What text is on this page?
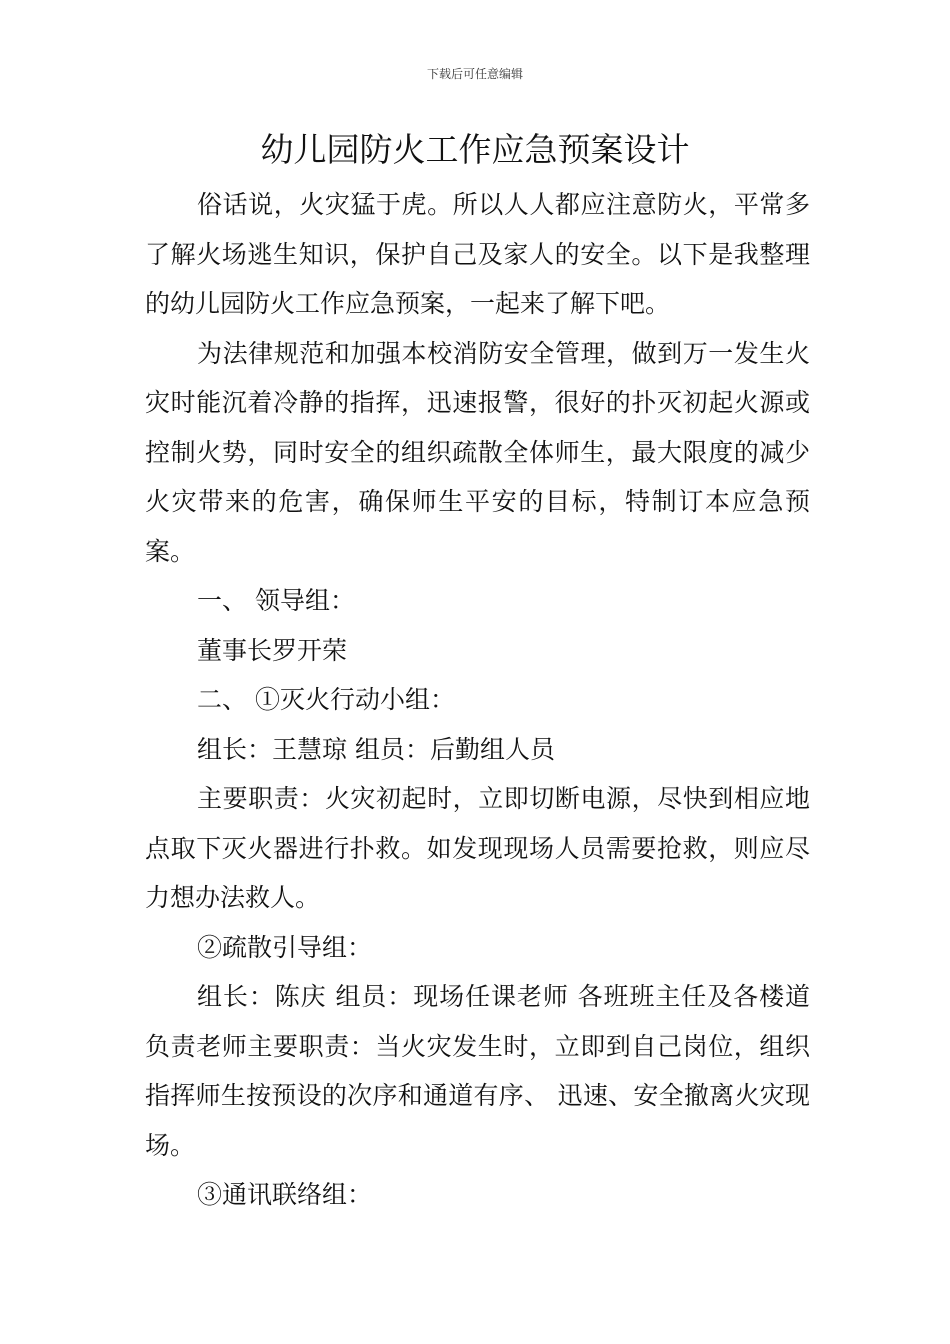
下载后可任意编辑
幼儿园防火工作应急预案设计

俗话说，火灾猛于虎。所以人人都应注意防火，平常多了解火场逃生知识，保护自己及家人的安全。以下是我整理的幼儿园防火工作应急预案，一起来了解下吧。

为法律规范和加强本校消防安全管理，做到万一发生火灾时能沉着冷静的指挥，迅速报警，很好的扑灭初起火源或控制火势，同时安全的组织疏散全体师生，最大限度的减少火灾带来的危害，确保师生平安的目标，特制订本应急预案。

一、 领导组：

董事长罗开荣

二、 ①灭火行动小组：

组长：王慧琼 组员：后勤组人员

主要职责：火灾初起时，立即切断电源，尽快到相应地点取下灭火器进行扑救。如发现现场人员需要抢救，则应尽力想办法救人。

②疏散引导组：

组长：陈庆 组员：现场任课老师 各班班主任及各楼道负责老师主要职责：当火灾发生时，立即到自己岗位，组织指挥师生按预设的次序和通道有序、 迅速、安全撤离火灾现场。

③通讯联络组：
